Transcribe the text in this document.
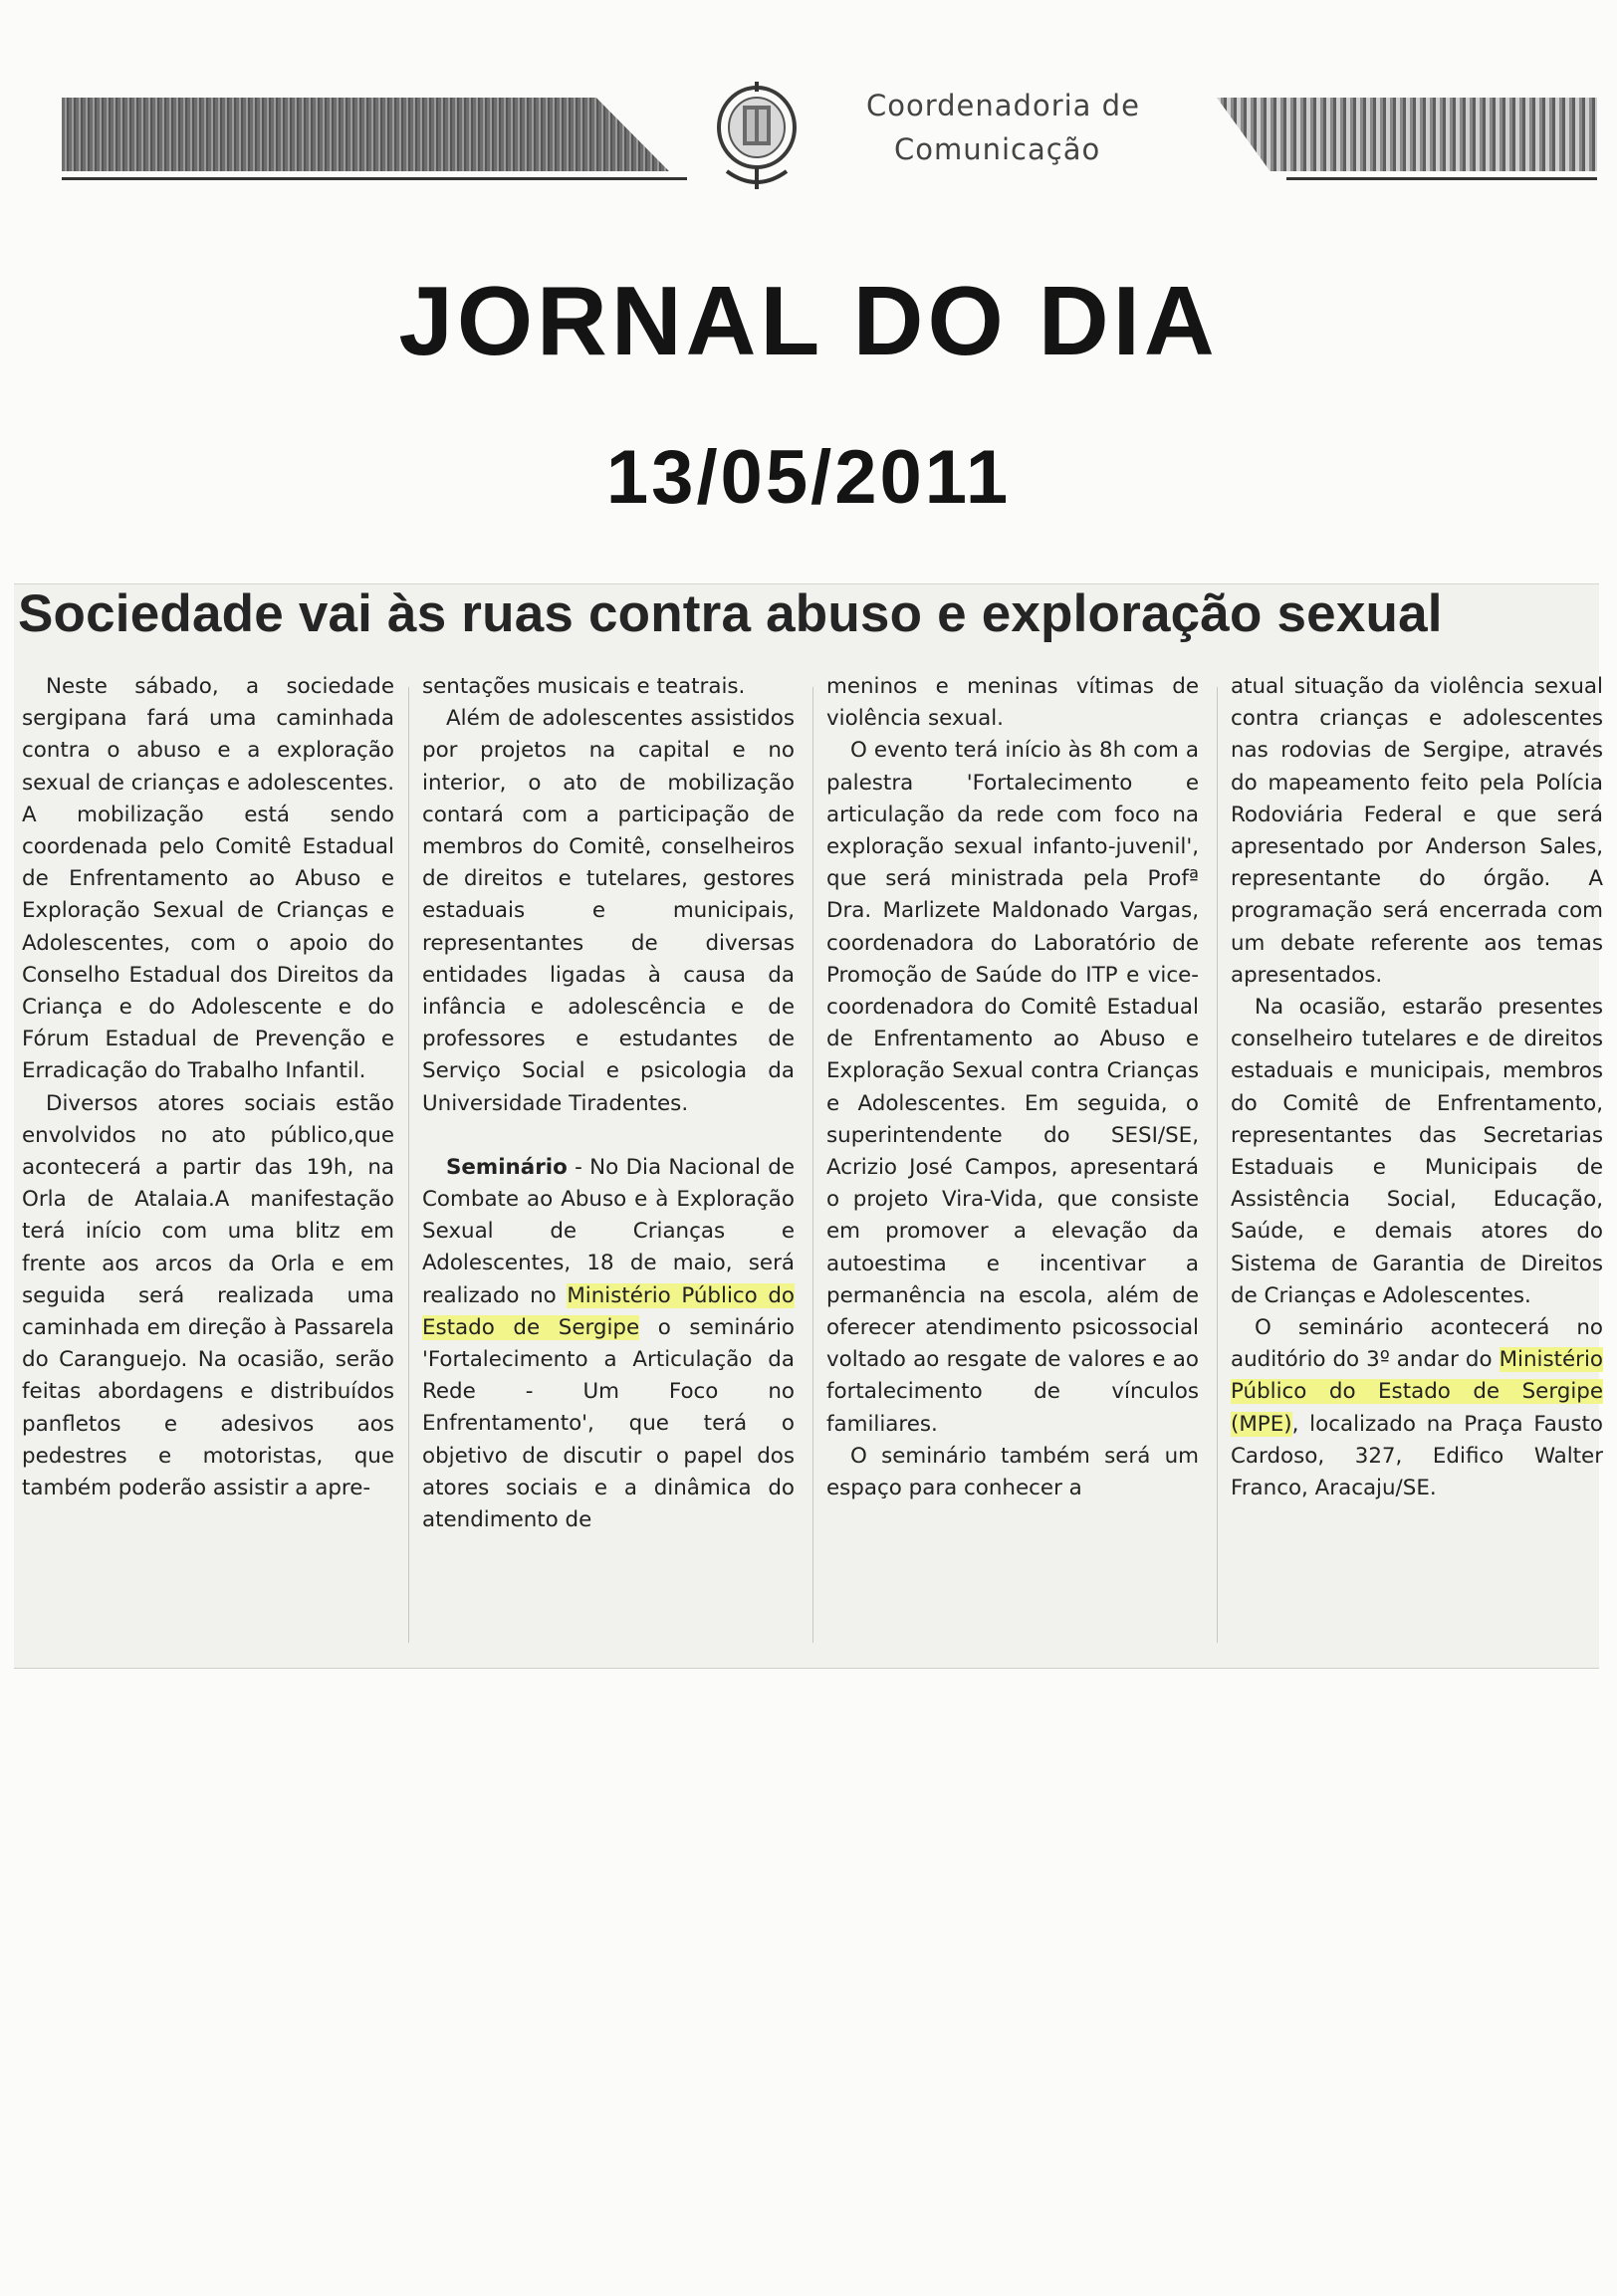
Coordenadoria de
Comunicação
JORNAL DO DIA
13/05/2011
Sociedade vai às ruas contra abuso e exploração sexual

Neste sábado, a sociedade sergipana fará uma caminhada contra o abuso e a exploração sexual de crianças e adolescentes. A mobilização está sendo coordenada pelo Comitê Estadual de Enfrentamento ao Abuso e Exploração Sexual de Crianças e Adolescentes, com o apoio do Conselho Estadual dos Direitos da Criança e do Adolescente e do Fórum Estadual de Prevenção e Erradicação do Trabalho Infantil.

Diversos atores sociais estão envolvidos no ato público,que acontecerá a partir das 19h, na Orla de Atalaia.A manifestação terá início com uma blitz em frente aos arcos da Orla e em seguida será realizada uma caminhada em direção à Passarela do Caranguejo. Na ocasião, serão feitas abordagens e distribuídos panfletos e adesivos aos pedestres e motoristas, que também poderão assistir a apre-

sentações musicais e teatrais.

Além de adolescentes assistidos por projetos na capital e no interior, o ato de mobilização contará com a participação de membros do Comitê, conselheiros de direitos e tutelares, gestores estaduais e municipais, representantes de diversas entidades ligadas à causa da infância e adolescência e de professores e estudantes de Serviço Social e psicologia da Universidade Tiradentes.

Seminário - No Dia Nacional de Combate ao Abuso e à Exploração Sexual de Crianças e Adolescentes, 18 de maio, será realizado no Ministério Público do Estado de Sergipe o seminário 'Fortalecimento a Articulação da Rede - Um Foco no Enfrentamento', que terá o objetivo de discutir o papel dos atores sociais e a dinâmica do atendimento de

meninos e meninas vítimas de violência sexual.

O evento terá início às 8h com a palestra 'Fortalecimento e articulação da rede com foco na exploração sexual infanto-juvenil', que será ministrada pela Profª Dra. Marlizete Maldonado Vargas, coordenadora do Laboratório de Promoção de Saúde do ITP e vice-coordenadora do Comitê Estadual de Enfrentamento ao Abuso e Exploração Sexual contra Crianças e Adolescentes. Em seguida, o superintendente do SESI/SE, Acrizio José Campos, apresentará o projeto Vira-Vida, que consiste em promover a elevação da autoestima e incentivar a permanência na escola, além de oferecer atendimento psicossocial voltado ao resgate de valores e ao fortalecimento de vínculos familiares.

O seminário também será um espaço para conhecer a

atual situação da violência sexual contra crianças e adolescentes nas rodovias de Sergipe, através do mapeamento feito pela Polícia Rodoviária Federal e que será apresentado por Anderson Sales, representante do órgão. A programação será encerrada com um debate referente aos temas apresentados.

Na ocasião, estarão presentes conselheiro tutelares e de direitos estaduais e municipais, membros do Comitê de Enfrentamento, representantes das Secretarias Estaduais e Municipais de Assistência Social, Educação, Saúde, e demais atores do Sistema de Garantia de Direitos de Crianças e Adolescentes.

O seminário acontecerá no auditório do 3º andar do Ministério Público do Estado de Sergipe (MPE), localizado na Praça Fausto Cardoso, 327, Edifico Walter Franco, Aracaju/SE.
